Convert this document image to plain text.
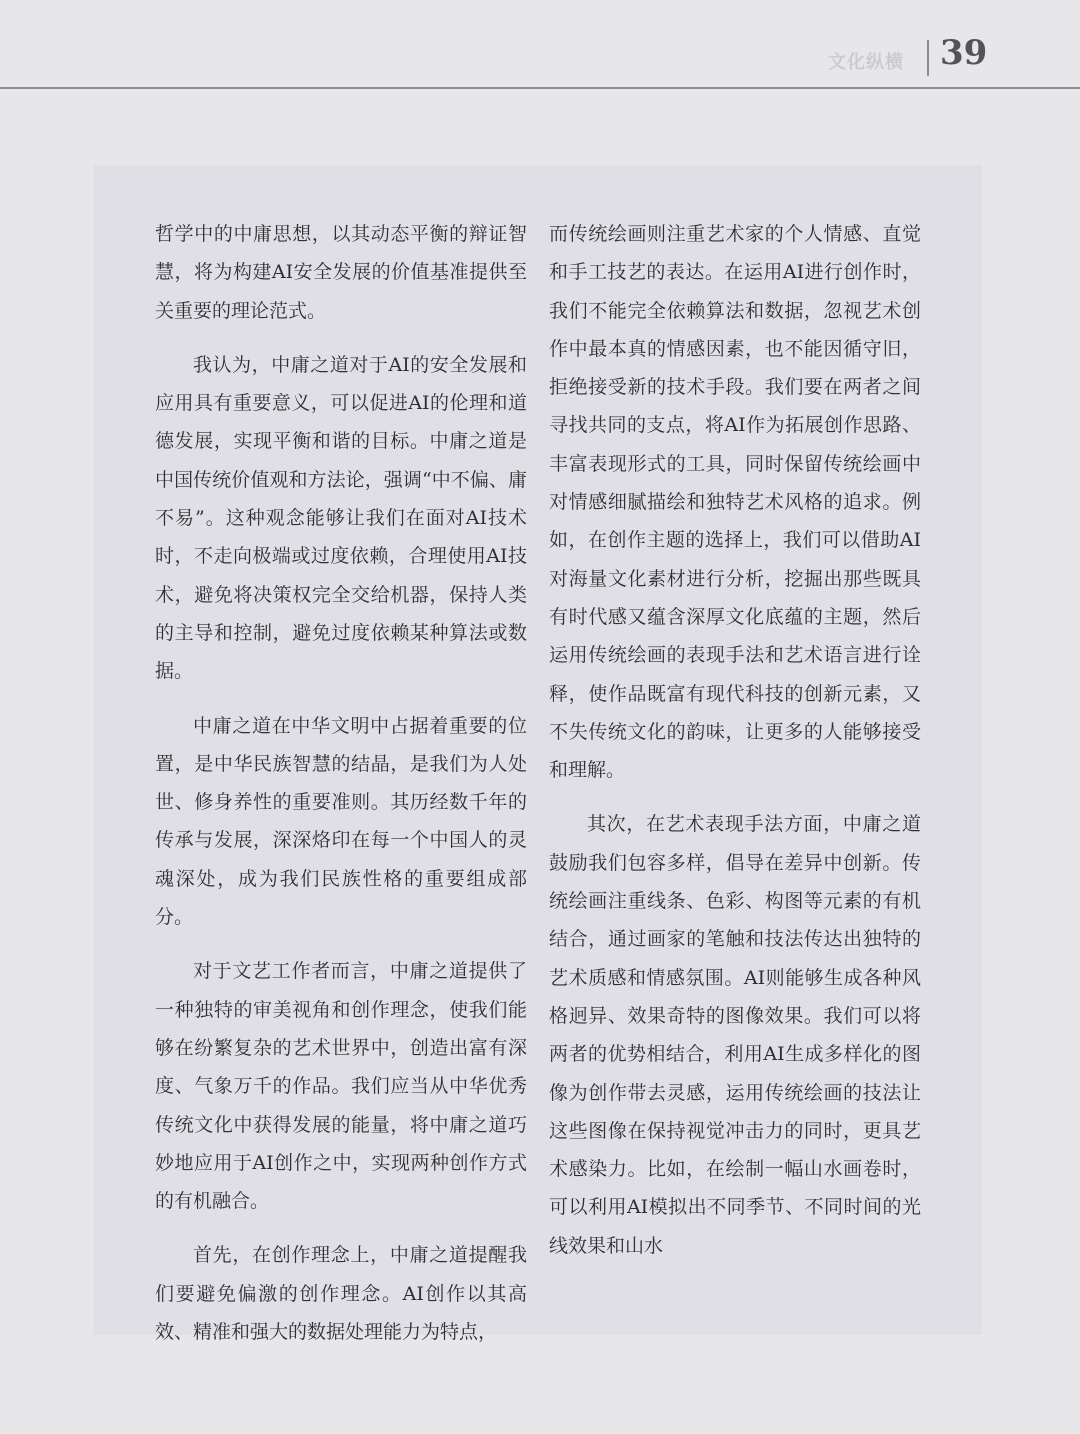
文化纵横 39

哲学中的中庸思想，以其动态平衡的辩证智慧，将为构建AI安全发展的价值基准提供至关重要的理论范式。

我认为，中庸之道对于AI的安全发展和应用具有重要意义，可以促进AI的伦理和道德发展，实现平衡和谐的目标。中庸之道是中国传统价值观和方法论，强调“中不偏、庸不易”。这种观念能够让我们在面对AI技术时，不走向极端或过度依赖，合理使用AI技术，避免将决策权完全交给机器，保持人类的主导和控制，避免过度依赖某种算法或数据。

中庸之道在中华文明中占据着重要的位置，是中华民族智慧的结晶，是我们为人处世、修身养性的重要准则。其历经数千年的传承与发展，深深烙印在每一个中国人的灵魂深处，成为我们民族性格的重要组成部分。

对于文艺工作者而言，中庸之道提供了一种独特的审美视角和创作理念，使我们能够在纷繁复杂的艺术世界中，创造出富有深度、气象万千的作品。我们应当从中华优秀传统文化中获得发展的能量，将中庸之道巧妙地应用于AI创作之中，实现两种创作方式的有机融合。

首先，在创作理念上，中庸之道提醒我们要避免偏激的创作理念。AI创作以其高效、精准和强大的数据处理能力为特点，

而传统绘画则注重艺术家的个人情感、直觉和手工技艺的表达。在运用AI进行创作时，我们不能完全依赖算法和数据，忽视艺术创作中最本真的情感因素，也不能因循守旧，拒绝接受新的技术手段。我们要在两者之间寻找共同的支点，将AI作为拓展创作思路、丰富表现形式的工具，同时保留传统绘画中对情感细腻描绘和独特艺术风格的追求。例如，在创作主题的选择上，我们可以借助AI对海量文化素材进行分析，挖掘出那些既具有时代感又蕴含深厚文化底蕴的主题，然后运用传统绘画的表现手法和艺术语言进行诠释，使作品既富有现代科技的创新元素，又不失传统文化的韵味，让更多的人能够接受和理解。

其次，在艺术表现手法方面，中庸之道鼓励我们包容多样，倡导在差异中创新。传统绘画注重线条、色彩、构图等元素的有机结合，通过画家的笔触和技法传达出独特的艺术质感和情感氛围。AI则能够生成各种风格迥异、效果奇特的图像效果。我们可以将两者的优势相结合，利用AI生成多样化的图像为创作带去灵感，运用传统绘画的技法让这些图像在保持视觉冲击力的同时，更具艺术感染力。比如，在绘制一幅山水画卷时，可以利用AI模拟出不同季节、不同时间的光线效果和山水
